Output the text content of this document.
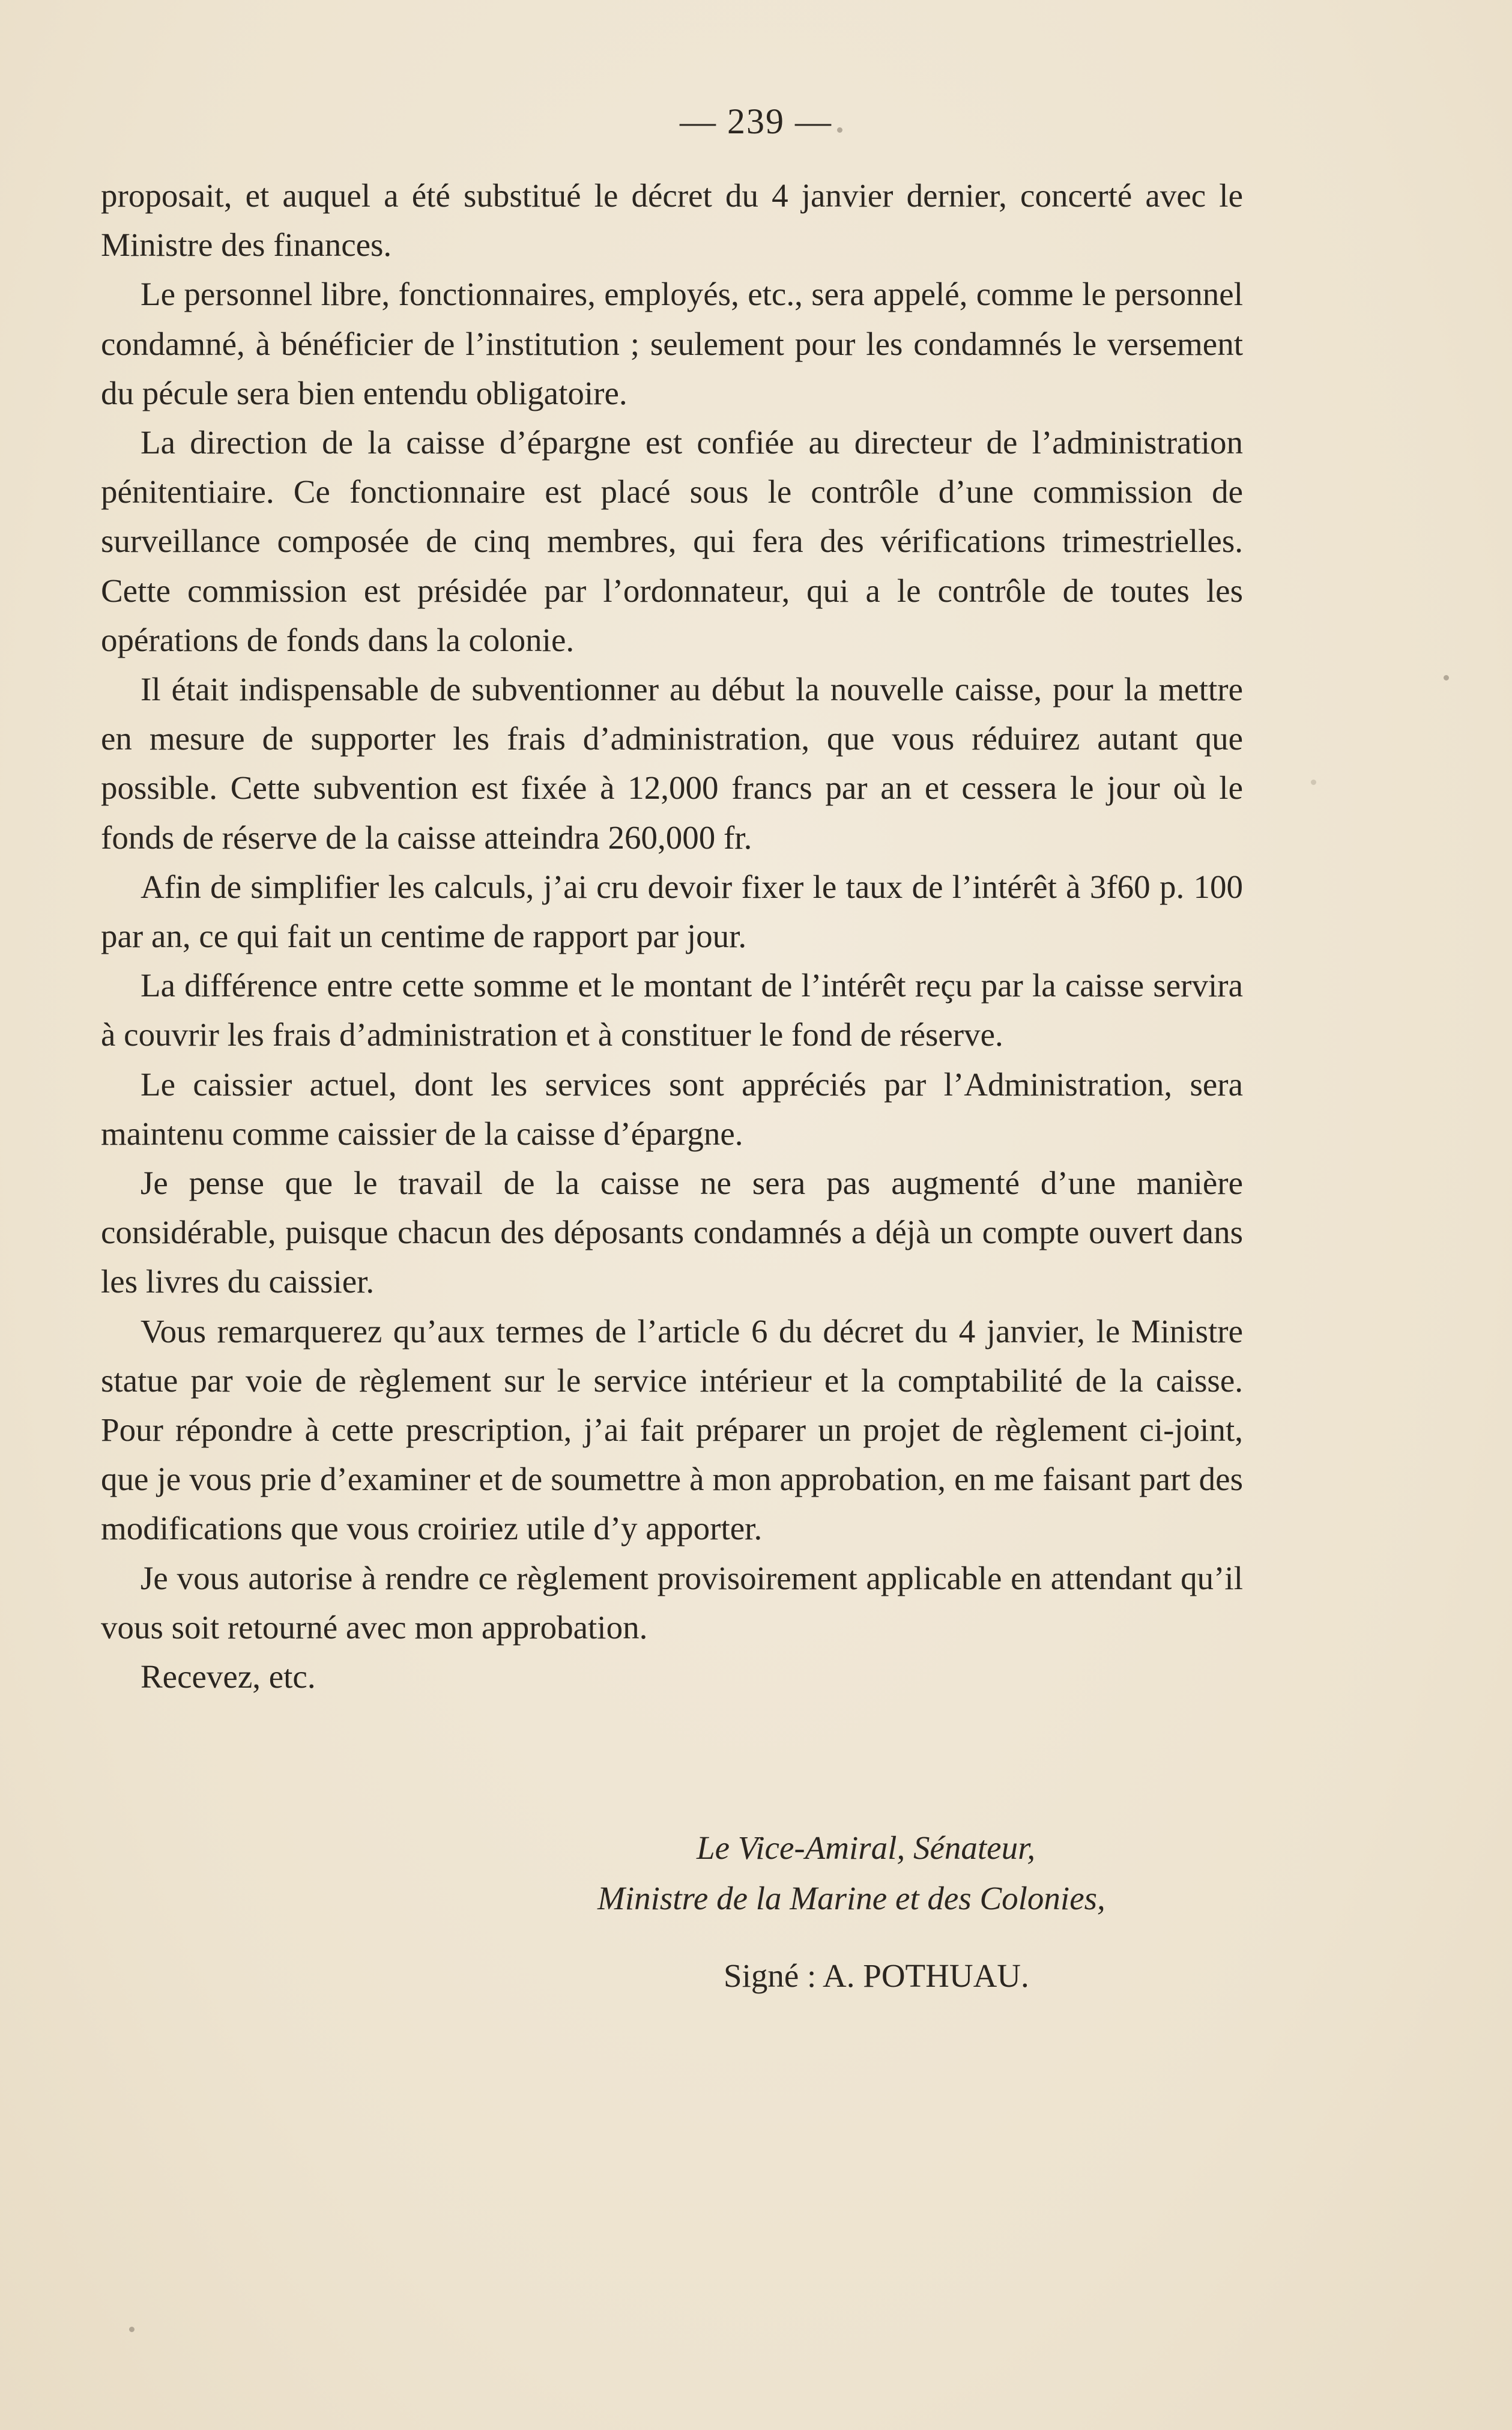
— 239 —

proposait, et auquel a été substitué le décret du 4 janvier dernier, concerté avec le Ministre des finances.

Le personnel libre, fonctionnaires, employés, etc., sera appelé, comme le personnel condamné, à bénéficier de l’institution ; seulement pour les condamnés le versement du pécule sera bien entendu obligatoire.

La direction de la caisse d’épargne est confiée au directeur de l’administration pénitentiaire. Ce fonctionnaire est placé sous le contrôle d’une commission de surveillance composée de cinq membres, qui fera des vérifications trimestrielles. Cette commission est présidée par l’ordonnateur, qui a le contrôle de toutes les opérations de fonds dans la colonie.

Il était indispensable de subventionner au début la nouvelle caisse, pour la mettre en mesure de supporter les frais d’administration, que vous réduirez autant que possible. Cette subvention est fixée à 12,000 francs par an et cessera le jour où le fonds de réserve de la caisse atteindra 260,000 fr.

Afin de simplifier les calculs, j’ai cru devoir fixer le taux de l’intérêt à 3f60 p. 100 par an, ce qui fait un centime de rapport par jour.

La différence entre cette somme et le montant de l’intérêt reçu par la caisse servira à couvrir les frais d’administration et à constituer le fond de réserve.

Le caissier actuel, dont les services sont appréciés par l’Administration, sera maintenu comme caissier de la caisse d’épargne.

Je pense que le travail de la caisse ne sera pas augmenté d’une manière considérable, puisque chacun des déposants condamnés a déjà un compte ouvert dans les livres du caissier.

Vous remarquerez qu’aux termes de l’article 6 du décret du 4 janvier, le Ministre statue par voie de règlement sur le service intérieur et la comptabilité de la caisse. Pour répondre à cette prescription, j’ai fait préparer un projet de règlement ci-joint, que je vous prie d’examiner et de soumettre à mon approbation, en me faisant part des modifications que vous croiriez utile d’y apporter.

Je vous autorise à rendre ce règlement provisoirement applicable en attendant qu’il vous soit retourné avec mon approbation.

Recevez, etc.

Le Vice-Amiral, Sénateur,
Ministre de la Marine et des Colonies,
Signé : A. POTHUAU.
